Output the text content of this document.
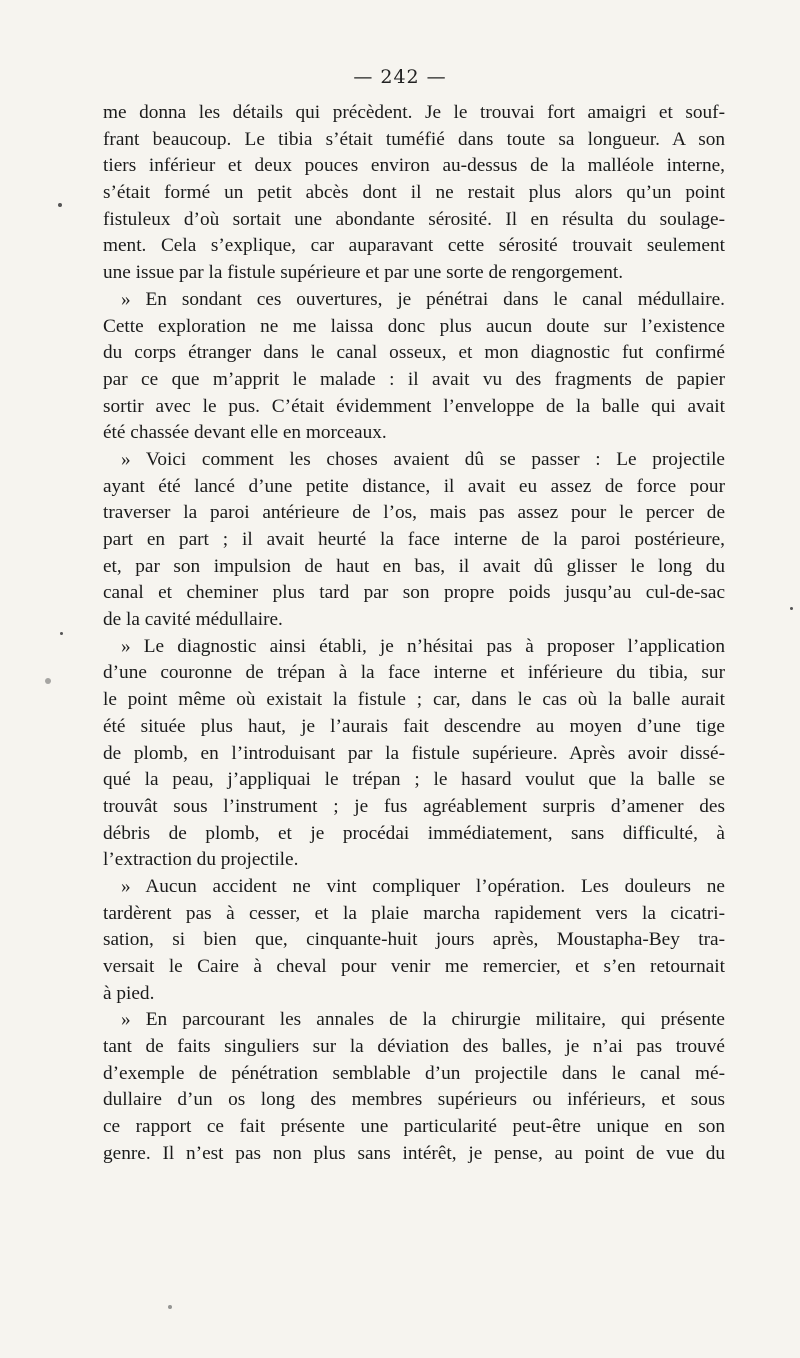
— 242 —
me donna les détails qui précèdent. Je le trouvai fort amaigri et souf-
frant beaucoup. Le tibia s’était tuméfié dans toute sa longueur. A son
tiers inférieur et deux pouces environ au-dessus de la malléole interne,
s’était formé un petit abcès dont il ne restait plus alors qu’un point
fistuleux d’où sortait une abondante sérosité. Il en résulta du soulage-
ment. Cela s’explique, car auparavant cette sérosité trouvait seulement
une issue par la fistule supérieure et par une sorte de rengorgement.
» En sondant ces ouvertures, je pénétrai dans le canal médullaire.
Cette exploration ne me laissa donc plus aucun doute sur l’existence
du corps étranger dans le canal osseux, et mon diagnostic fut confirmé
par ce que m’apprit le malade : il avait vu des fragments de papier
sortir avec le pus. C’était évidemment l’enveloppe de la balle qui avait
été chassée devant elle en morceaux.
» Voici comment les choses avaient dû se passer : Le projectile
ayant été lancé d’une petite distance, il avait eu assez de force pour
traverser la paroi antérieure de l’os, mais pas assez pour le percer de
part en part ; il avait heurté la face interne de la paroi postérieure,
et, par son impulsion de haut en bas, il avait dû glisser le long du
canal et cheminer plus tard par son propre poids jusqu’au cul-de-sac
de la cavité médullaire.
» Le diagnostic ainsi établi, je n’hésitai pas à proposer l’application
d’une couronne de trépan à la face interne et inférieure du tibia, sur
le point même où existait la fistule ; car, dans le cas où la balle aurait
été située plus haut, je l’aurais fait descendre au moyen d’une tige
de plomb, en l’introduisant par la fistule supérieure. Après avoir dissé-
qué la peau, j’appliquai le trépan ; le hasard voulut que la balle se
trouvât sous l’instrument ; je fus agréablement surpris d’amener des
débris de plomb, et je procédai immédiatement, sans difficulté, à
l’extraction du projectile.
» Aucun accident ne vint compliquer l’opération. Les douleurs ne
tardèrent pas à cesser, et la plaie marcha rapidement vers la cicatri-
sation, si bien que, cinquante-huit jours après, Moustapha-Bey tra-
versait le Caire à cheval pour venir me remercier, et s’en retournait
à pied.
» En parcourant les annales de la chirurgie militaire, qui présente
tant de faits singuliers sur la déviation des balles, je n’ai pas trouvé
d’exemple de pénétration semblable d’un projectile dans le canal mé-
dullaire d’un os long des membres supérieurs ou inférieurs, et sous
ce rapport ce fait présente une particularité peut-être unique en son
genre. Il n’est pas non plus sans intérêt, je pense, au point de vue du
